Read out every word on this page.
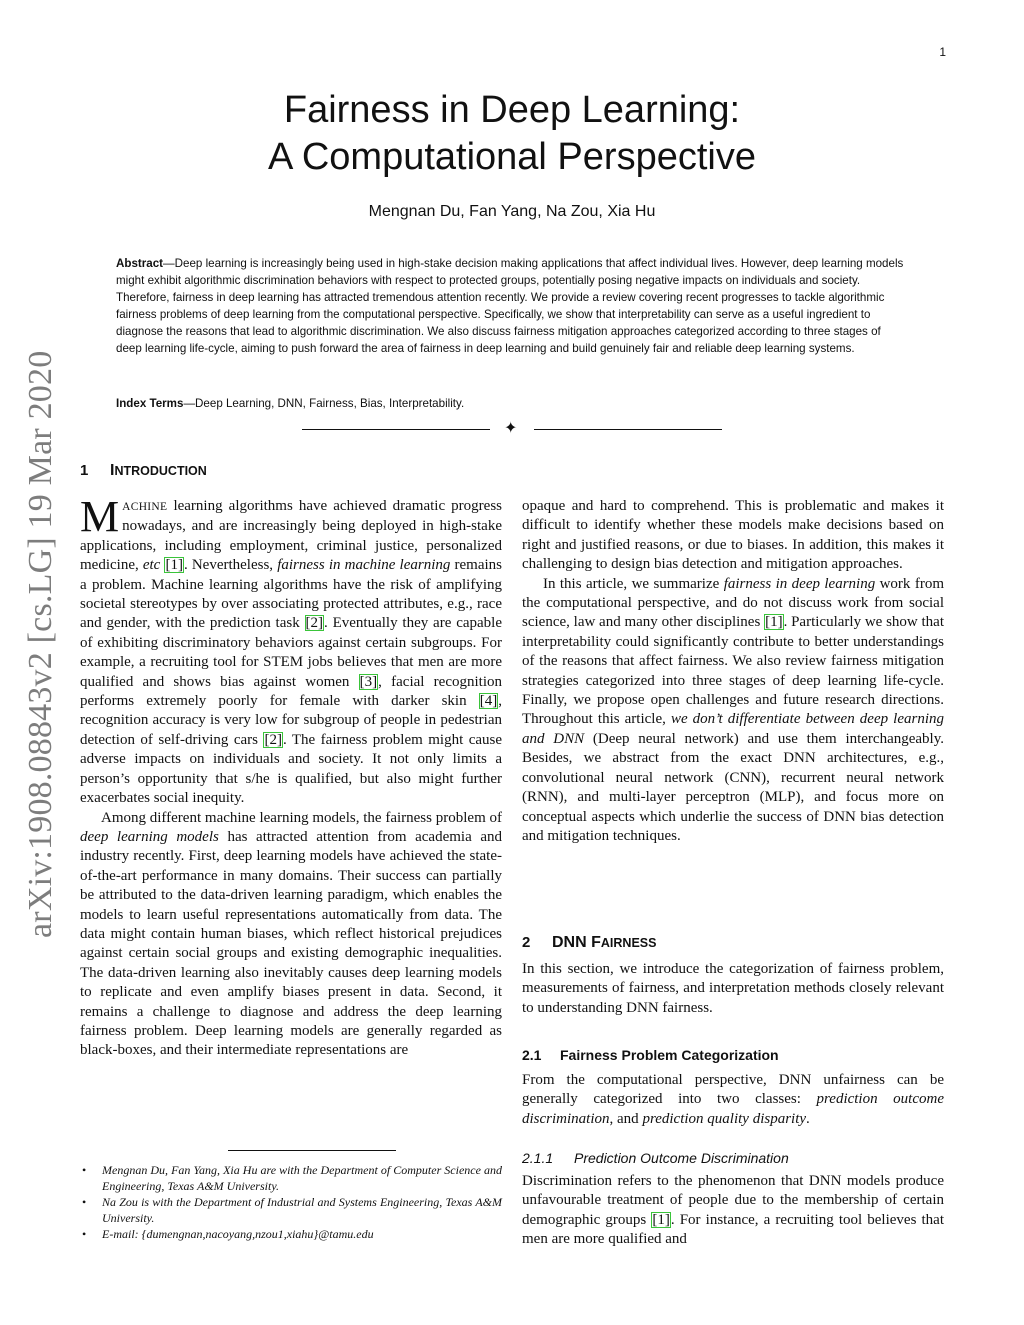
1
arXiv:1908.08843v2 [cs.LG] 19 Mar 2020
Fairness in Deep Learning:
A Computational Perspective
Mengnan Du, Fan Yang, Na Zou, Xia Hu
Abstract—Deep learning is increasingly being used in high-stake decision making applications that affect individual lives. However, deep learning models might exhibit algorithmic discrimination behaviors with respect to protected groups, potentially posing negative impacts on individuals and society. Therefore, fairness in deep learning has attracted tremendous attention recently. We provide a review covering recent progresses to tackle algorithmic fairness problems of deep learning from the computational perspective. Specifically, we show that interpretability can serve as a useful ingredient to diagnose the reasons that lead to algorithmic discrimination. We also discuss fairness mitigation approaches categorized according to three stages of deep learning life-cycle, aiming to push forward the area of fairness in deep learning and build genuinely fair and reliable deep learning systems.
Index Terms—Deep Learning, DNN, Fairness, Bias, Interpretability.
✦
1 INTRODUCTION

MACHINE learning algorithms have achieved dramatic progress nowadays, and are increasingly being deployed in high-stake applications, including employment, criminal justice, personalized medicine, etc [1]. Nevertheless, fairness in machine learning remains a problem. Machine learning algorithms have the risk of amplifying societal stereotypes by over associating protected attributes, e.g., race and gender, with the prediction task [2]. Eventually they are capable of exhibiting discriminatory behaviors against certain subgroups. For example, a recruiting tool for STEM jobs believes that men are more qualified and shows bias against women [3], facial recognition performs extremely poorly for female with darker skin [4], recognition accuracy is very low for subgroup of people in pedestrian detection of self-driving cars [2]. The fairness problem might cause adverse impacts on individuals and society. It not only limits a person’s opportunity that s/he is qualified, but also might further exacerbates social inequity.

Among different machine learning models, the fairness problem of deep learning models has attracted attention from academia and industry recently. First, deep learning models have achieved the state-of-the-art performance in many domains. Their success can partially be attributed to the data-driven learning paradigm, which enables the models to learn useful representations automatically from data. The data might contain human biases, which reflect historical prejudices against certain social groups and existing demographic inequalities. The data-driven learning also inevitably causes deep learning models to replicate and even amplify biases present in data. Second, it remains a challenge to diagnose and address the deep learning fairness problem. Deep learning models are generally regarded as black-boxes, and their intermediate representations are

• Mengnan Du, Fan Yang, Xia Hu are with the Department of Computer Science and Engineering, Texas A&M University.
• Na Zou is with the Department of Industrial and Systems Engineering, Texas A&M University.
• E-mail: {dumengnan,nacoyang,nzou1,xiahu}@tamu.edu

opaque and hard to comprehend. This is problematic and makes it difficult to identify whether these models make decisions based on right and justified reasons, or due to biases. In addition, this makes it challenging to design bias detection and mitigation approaches.

In this article, we summarize fairness in deep learning work from the computational perspective, and do not discuss work from social science, law and many other disciplines [1]. Particularly we show that interpretability could significantly contribute to better understandings of the reasons that affect fairness. We also review fairness mitigation strategies categorized into three stages of deep learning life-cycle. Finally, we propose open challenges and future research directions. Throughout this article, we don’t differentiate between deep learning and DNN (Deep neural network) and use them interchangeably. Besides, we abstract from the exact DNN architectures, e.g., convolutional neural network (CNN), recurrent neural network (RNN), and multi-layer perceptron (MLP), and focus more on conceptual aspects which underlie the success of DNN bias detection and mitigation techniques.

2 DNN FAIRNESS

In this section, we introduce the categorization of fairness problem, measurements of fairness, and interpretation methods closely relevant to understanding DNN fairness.

2.1 Fairness Problem Categorization

From the computational perspective, DNN unfairness can be generally categorized into two classes: prediction outcome discrimination, and prediction quality disparity.

2.1.1 Prediction Outcome Discrimination

Discrimination refers to the phenomenon that DNN models produce unfavourable treatment of people due to the membership of certain demographic groups [1]. For instance, a recruiting tool believes that men are more qualified and
